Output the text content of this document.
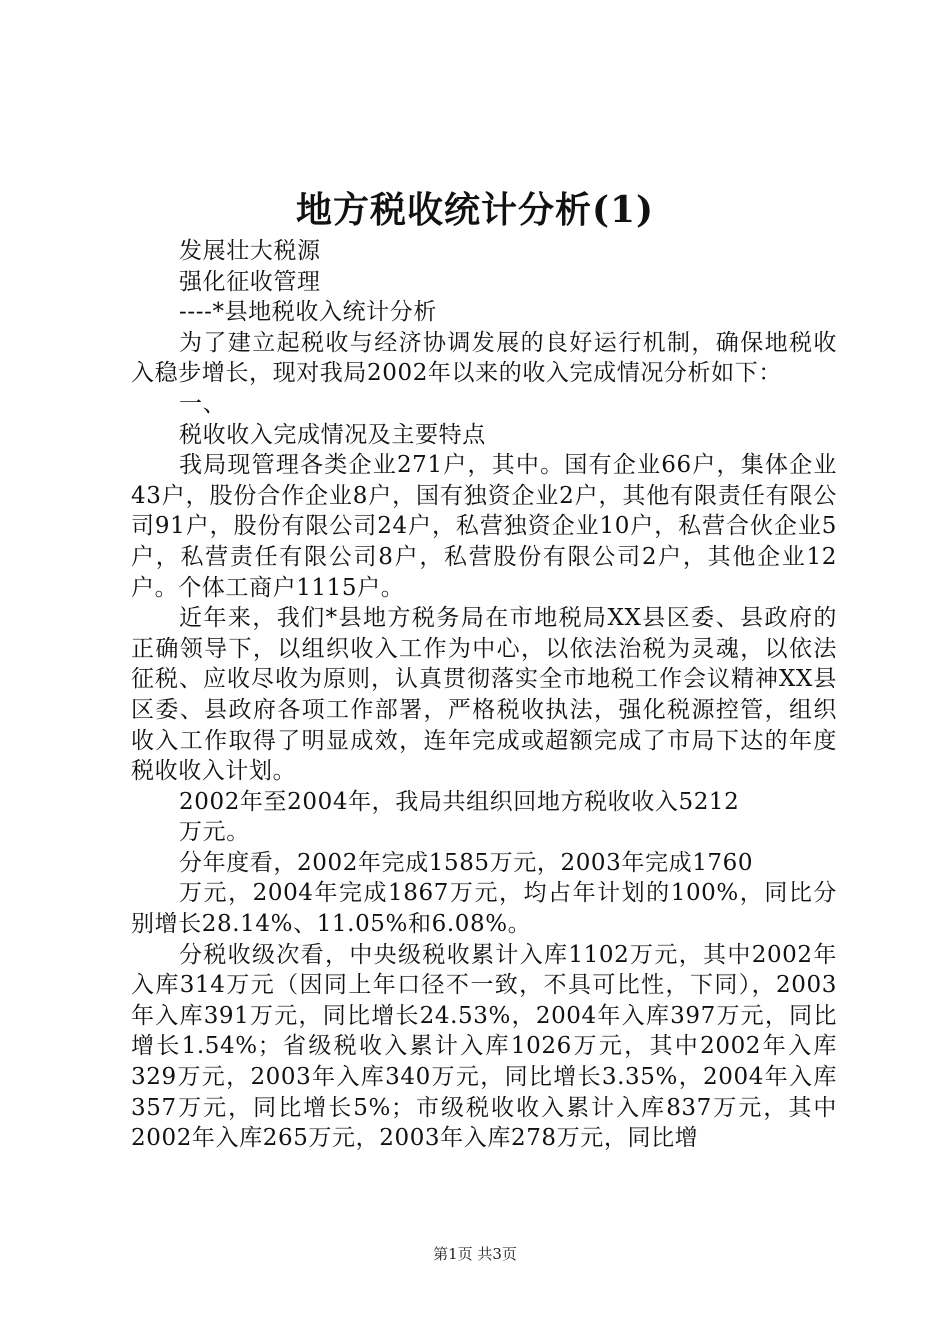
地方税收统计分析(1)

发展壮大税源

强化征收管理

----*县地税收入统计分析

为了建立起税收与经济协调发展的良好运行机制，确保地税收入稳步增长，现对我局2002年以来的收入完成情况分析如下：

一、

税收收入完成情况及主要特点

我局现管理各类企业271户，其中。国有企业66户，集体企业43户，股份合作企业8户，国有独资企业2户，其他有限责任有限公司91户，股份有限公司24户，私营独资企业10户，私营合伙企业5户，私营责任有限公司8户，私营股份有限公司2户，其他企业12户。个体工商户1115户。

近年来，我们*县地方税务局在市地税局XX县区委、县政府的正确领导下，以组织收入工作为中心，以依法治税为灵魂，以依法征税、应收尽收为原则，认真贯彻落实全市地税工作会议精神XX县区委、县政府各项工作部署，严格税收执法，强化税源控管，组织收入工作取得了明显成效，连年完成或超额完成了市局下达的年度税收收入计划。

2002年至2004年，我局共组织回地方税收收入5212

万元。

分年度看，2002年完成1585万元，2003年完成1760

万元，2004年完成1867万元，均占年计划的100%，同比分别增长28.14%、11.05%和6.08%。

分税收级次看，中央级税收累计入库1102万元，其中2002年入库314万元（因同上年口径不一致，不具可比性，下同），2003年入库391万元，同比增长24.53%，2004年入库397万元，同比增长1.54%；省级税收入累计入库1026万元，其中2002年入库329万元，2003年入库340万元，同比增长3.35%，2004年入库357万元，同比增长5%；市级税收收入累计入库837万元，其中2002年入库265万元，2003年入库278万元，同比增

第1页 共3页
